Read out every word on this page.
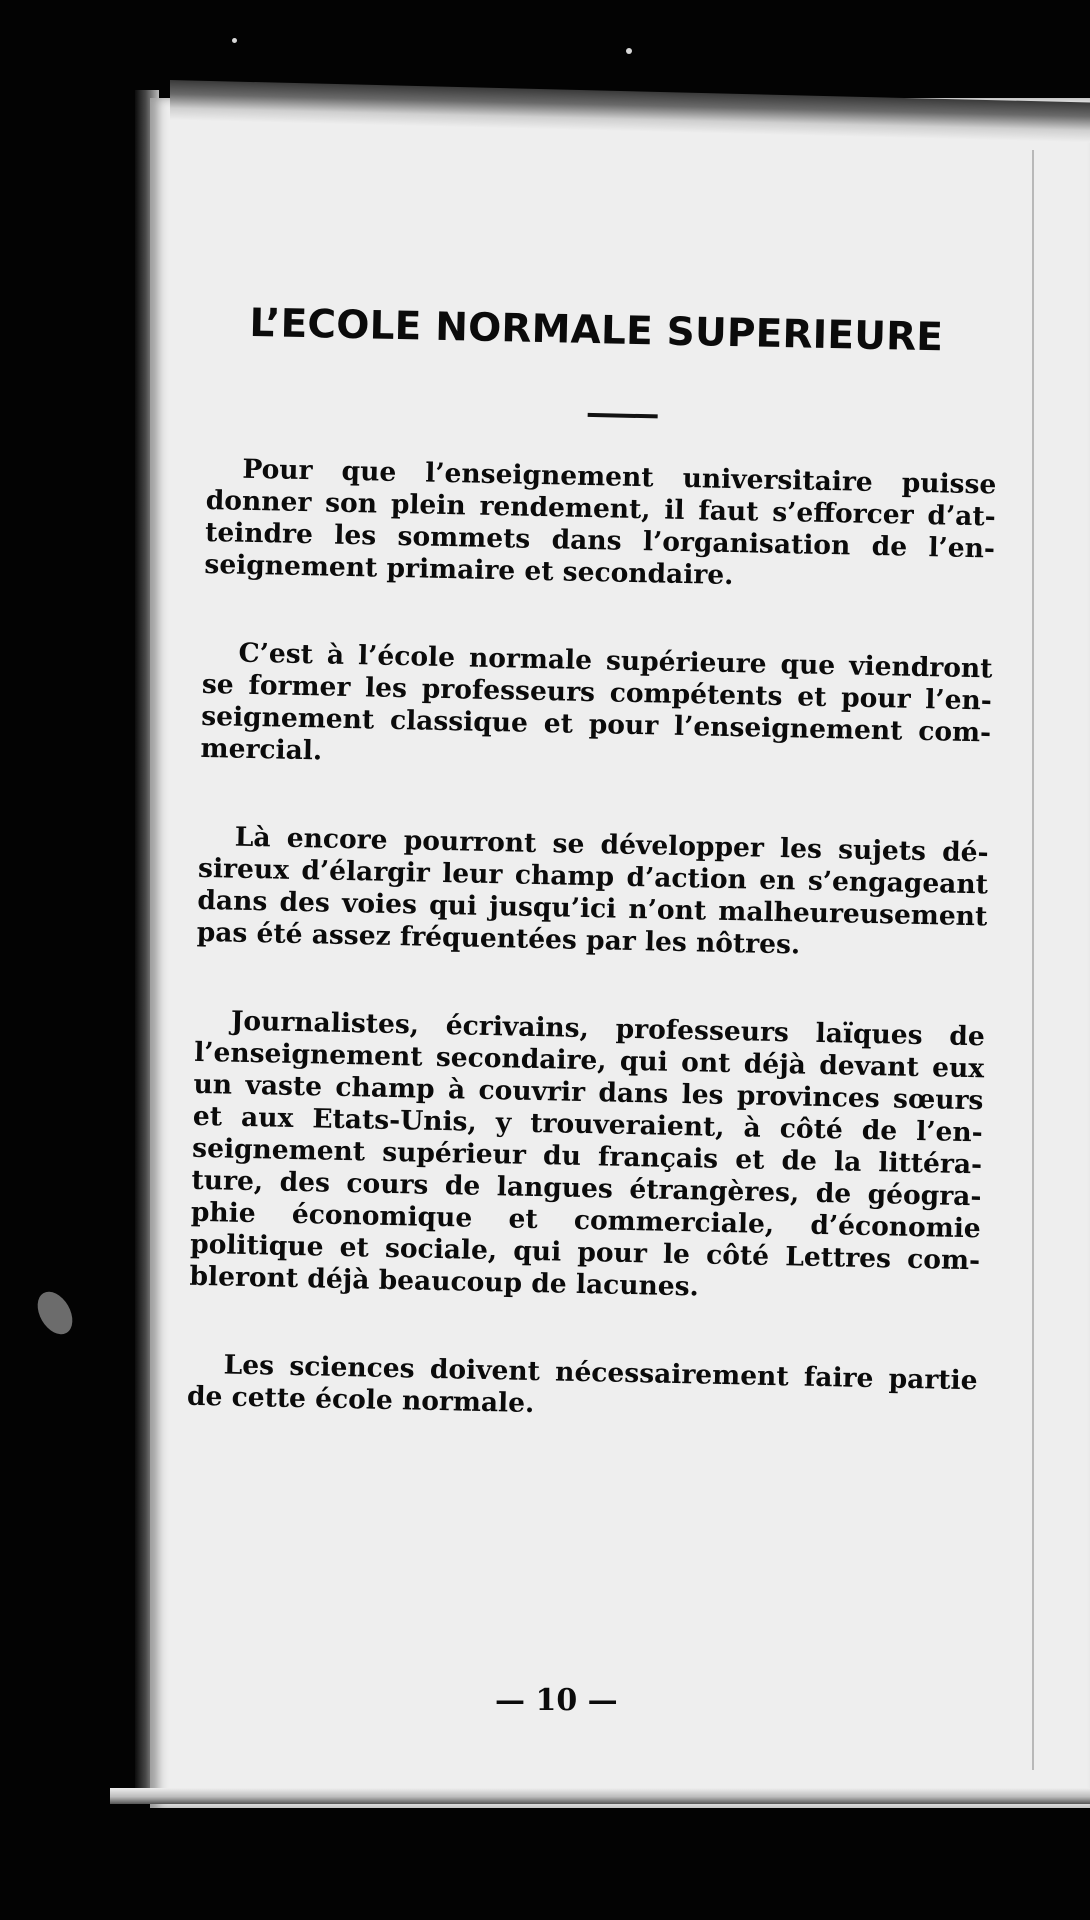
L’ECOLE NORMALE SUPERIEURE

Pour que l’enseignement universitaire puisse donner son plein rendement, il faut s’efforcer d’atteindre les sommets dans l’organisation de l’enseignement primaire et secondaire.

C’est à l’école normale supérieure que viendront se former les professeurs compétents et pour l’enseignement classique et pour l’enseignement commercial.

Là encore pourront se développer les sujets désireux d’élargir leur champ d’action en s’engageant dans des voies qui jusqu’ici n’ont malheureusement pas été assez fréquentées par les nôtres.

Journalistes, écrivains, professeurs laïques de l’enseignement secondaire, qui ont déjà devant eux un vaste champ à couvrir dans les provinces sœurs et aux Etats-Unis, y trouveraient, à côté de l’enseignement supérieur du français et de la littérature, des cours de langues étrangères, de géographie économique et commerciale, d’économie politique et sociale, qui pour le côté Lettres combleront déjà beaucoup de lacunes.

Les sciences doivent nécessairement faire partie de cette école normale.

— 10 —
